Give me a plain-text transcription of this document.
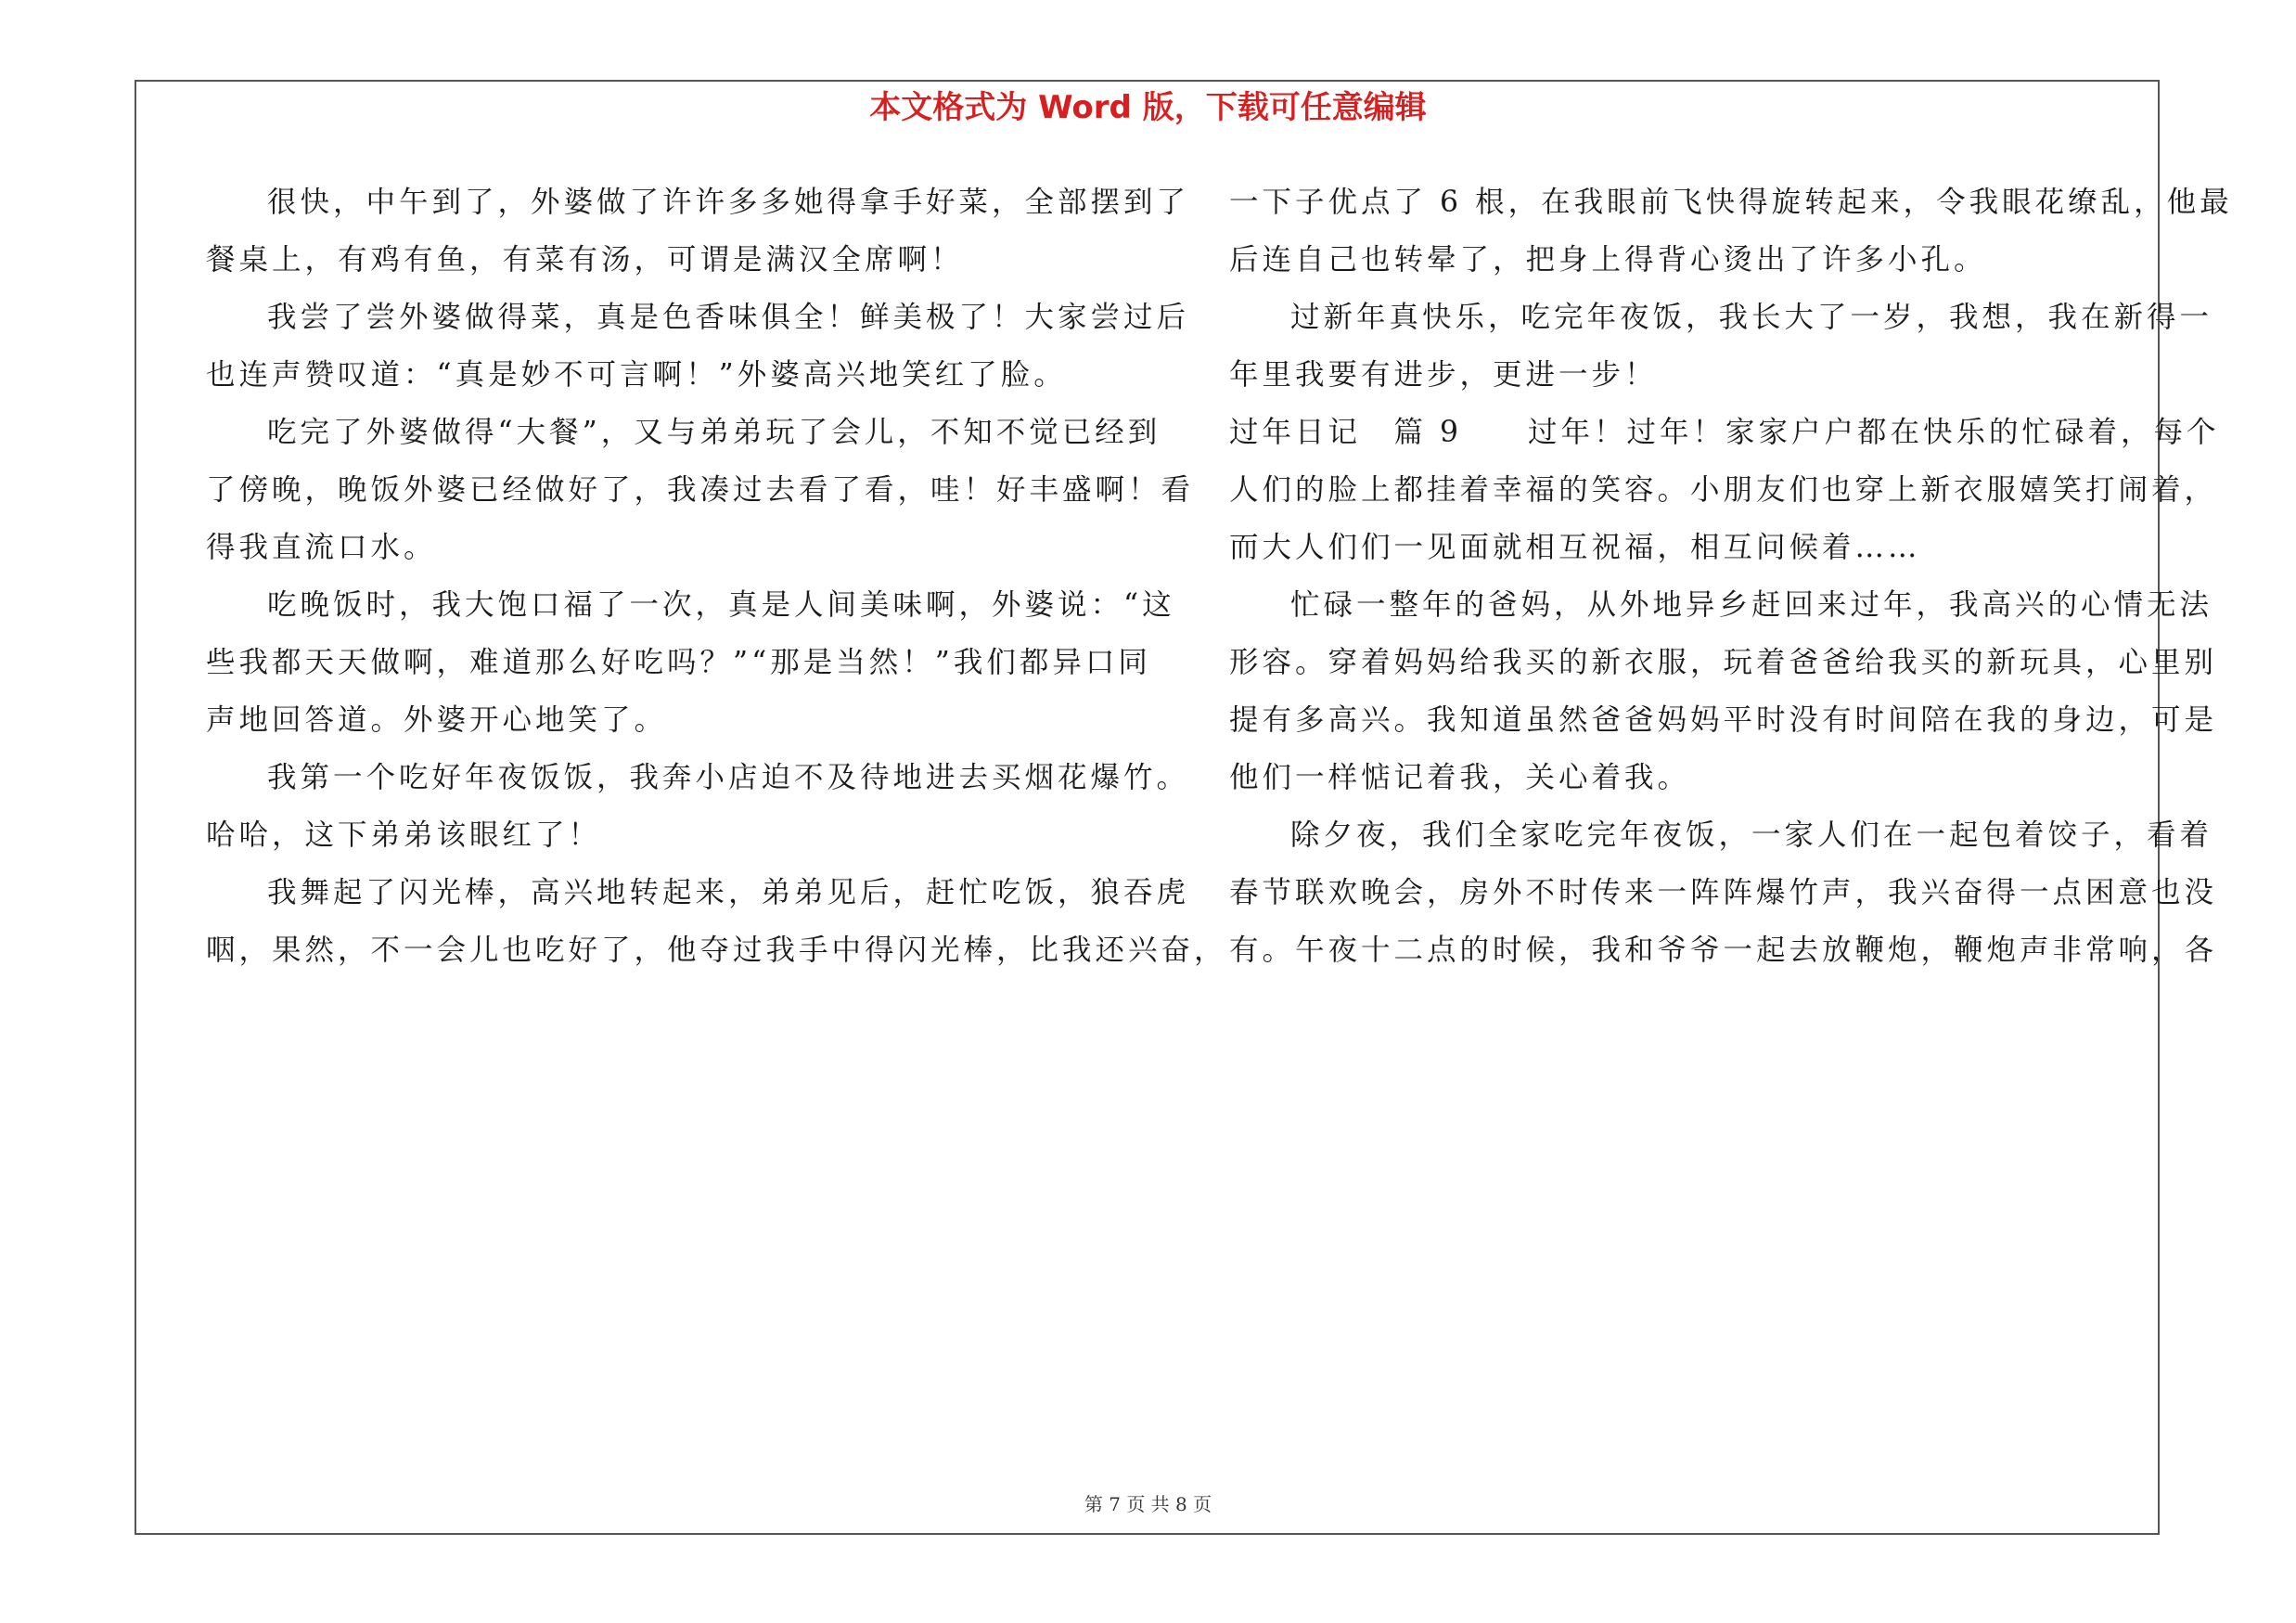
本文格式为 Word 版，下载可任意编辑
很快，中午到了，外婆做了许许多多她得拿手好菜，全部摆到了
餐桌上，有鸡有鱼，有菜有汤，可谓是满汉全席啊！
我尝了尝外婆做得菜，真是色香味俱全！鲜美极了！大家尝过后
也连声赞叹道：“真是妙不可言啊！”外婆高兴地笑红了脸。
吃完了外婆做得“大餐”，又与弟弟玩了会儿，不知不觉已经到
了傍晚，晚饭外婆已经做好了，我凑过去看了看，哇！好丰盛啊！看
得我直流口水。
吃晚饭时，我大饱口福了一次，真是人间美味啊，外婆说：“这
些我都天天做啊，难道那么好吃吗？”“那是当然！”我们都异口同
声地回答道。外婆开心地笑了。
我第一个吃好年夜饭饭，我奔小店迫不及待地进去买烟花爆竹。
哈哈，这下弟弟该眼红了！
我舞起了闪光棒，高兴地转起来，弟弟见后，赶忙吃饭，狼吞虎
咽，果然，不一会儿也吃好了，他夺过我手中得闪光棒，比我还兴奋，
一下子优点了 6 根，在我眼前飞快得旋转起来，令我眼花缭乱，他最
后连自己也转晕了，把身上得背心烫出了许多小孔。
过新年真快乐，吃完年夜饭，我长大了一岁，我想，我在新得一
年里我要有进步，更进一步！
过年日记　篇 9　　过年！过年！家家户户都在快乐的忙碌着，每个
人们的脸上都挂着幸福的笑容。小朋友们也穿上新衣服嬉笑打闹着，
而大人们们一见面就相互祝福，相互问候着……
忙碌一整年的爸妈，从外地异乡赶回来过年，我高兴的心情无法
形容。穿着妈妈给我买的新衣服，玩着爸爸给我买的新玩具，心里别
提有多高兴。我知道虽然爸爸妈妈平时没有时间陪在我的身边，可是
他们一样惦记着我，关心着我。
除夕夜，我们全家吃完年夜饭，一家人们在一起包着饺子，看着
春节联欢晚会，房外不时传来一阵阵爆竹声，我兴奋得一点困意也没
有。午夜十二点的时候，我和爷爷一起去放鞭炮，鞭炮声非常响，各
第 7 页 共 8 页
